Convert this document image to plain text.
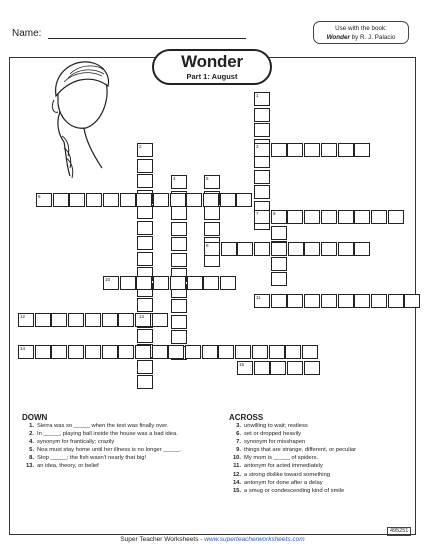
Name:	Use with the book:
Wonder by R. J. Palacio
Wonder
Part 1: August
1
2	3
4	5
6
7	8
9
10
11
12	13
14
15
DOWN
1. Sierra was so _____ when the test was finally over.
2. In _____, playing ball inside the house was a bad idea.
4. synonym for frantically; crazily
5. Noa must stay home until her illness is no longer _____.
8. Stop _____; the fish wasn't nearly that big!
13. an idea, theory, or belief
ACROSS
3. unwilling to wait; restless
6. set or dropped heavily
7. synonym for misshapen
9. things that are strange, different, or peculiar
10. My mom is _____ of spiders.
11. antonym for acted immediately
12. a strong dislike toward something
14. antonym for done after a delay
15. a smug or condescending kind of smile
Super Teacher Worksheets - www.superteacherworksheets.com
495251
